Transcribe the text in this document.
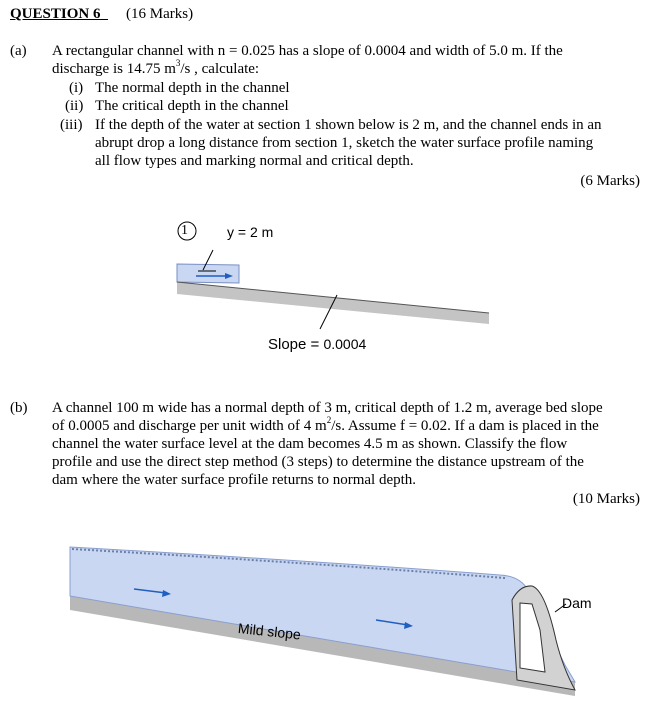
QUESTION 6	(16 Marks)
(a) A rectangular channel with n = 0.025 has a slope of 0.0004 and width of 5.0 m. If the
discharge is 14.75 $m^3/s$ , calculate:
(i) The normal depth in the channel
(ii) The critical depth in the channel
(iii) If the depth of the water at section 1 shown below is 2 m, and the channel ends in an
abrupt drop a long distance from section 1, sketch the water surface profile naming
all flow types and marking normal and critical depth.
(6 Marks)
1	y = 2 m
Slope = 0.0004
(b) A channel 100 m wide has a normal depth of 3 m, critical depth of 1.2 m, average bed slope
of 0.0005 and discharge per unit width of 4 $m^2/s$. Assume f = 0.02. If a dam is placed in the
channel the water surface level at the dam becomes 4.5 m as shown. Classify the flow
profile and use the direct step method (3 steps) to determine the distance upstream of the
dam where the water surface profile returns to normal depth.
(10 Marks)
Mild slope
Dam
